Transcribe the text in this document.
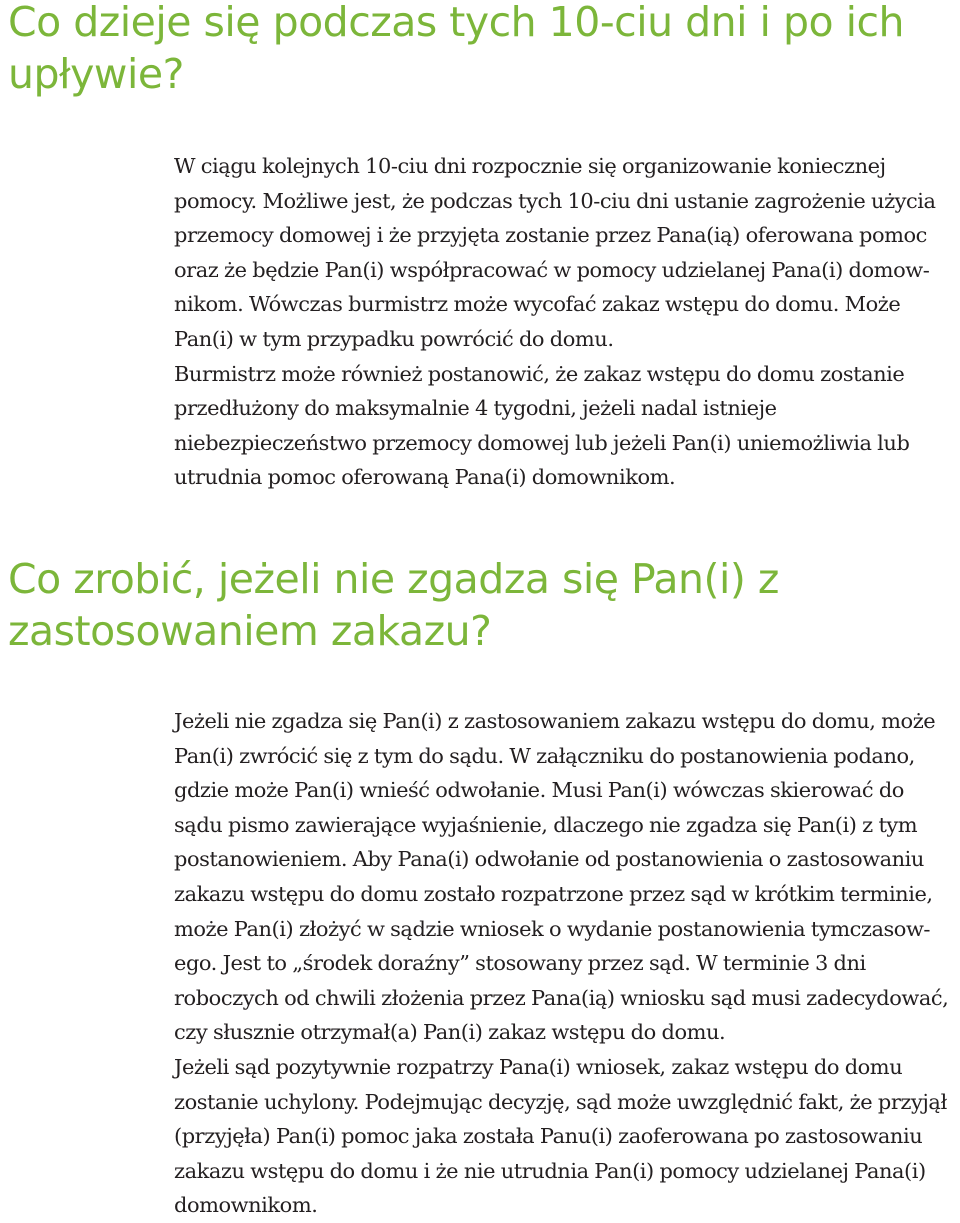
Co dzieje się podczas tych 10-ciu dni i po ich
upływie?
W ciągu kolejnych 10-ciu dni rozpocznie się organizowanie koniecznej
pomocy. Możliwe jest, że podczas tych 10-ciu dni ustanie zagrożenie użycia
przemocy domowej i że przyjęta zostanie przez Pana(ią) oferowana pomoc
oraz że będzie Pan(i) współpracować w pomocy udzielanej Pana(i) domow-
nikom. Wówczas burmistrz może wycofać zakaz wstępu do domu. Może
Pan(i) w tym przypadku powrócić do domu.
Burmistrz może również postanowić, że zakaz wstępu do domu zostanie
przedłużony do maksymalnie 4 tygodni, jeżeli nadal istnieje
niebezpieczeństwo przemocy domowej lub jeżeli Pan(i) uniemożliwia lub
utrudnia pomoc oferowaną Pana(i) domownikom.
Co zrobić, jeżeli nie zgadza się Pan(i) z
zastosowaniem zakazu?
Jeżeli nie zgadza się Pan(i) z zastosowaniem zakazu wstępu do domu, może
Pan(i) zwrócić się z tym do sądu. W załączniku do postanowienia podano,
gdzie może Pan(i) wnieść odwołanie. Musi Pan(i) wówczas skierować do
sądu pismo zawierające wyjaśnienie, dlaczego nie zgadza się Pan(i) z tym
postanowieniem. Aby Pana(i) odwołanie od postanowienia o zastosowaniu
zakazu wstępu do domu zostało rozpatrzone przez sąd w krótkim terminie,
może Pan(i) złożyć w sądzie wniosek o wydanie postanowienia tymczasow-
ego. Jest to „środek doraźny” stosowany przez sąd. W terminie 3 dni
roboczych od chwili złożenia przez Pana(ią) wniosku sąd musi zadecydować,
czy słusznie otrzymał(a) Pan(i) zakaz wstępu do domu.
Jeżeli sąd pozytywnie rozpatrzy Pana(i) wniosek, zakaz wstępu do domu
zostanie uchylony. Podejmując decyzję, sąd może uwzględnić fakt, że przyjął
(przyjęła) Pan(i) pomoc jaka została Panu(i) zaoferowana po zastosowaniu
zakazu wstępu do domu i że nie utrudnia Pan(i) pomocy udzielanej Pana(i)
domownikom.
